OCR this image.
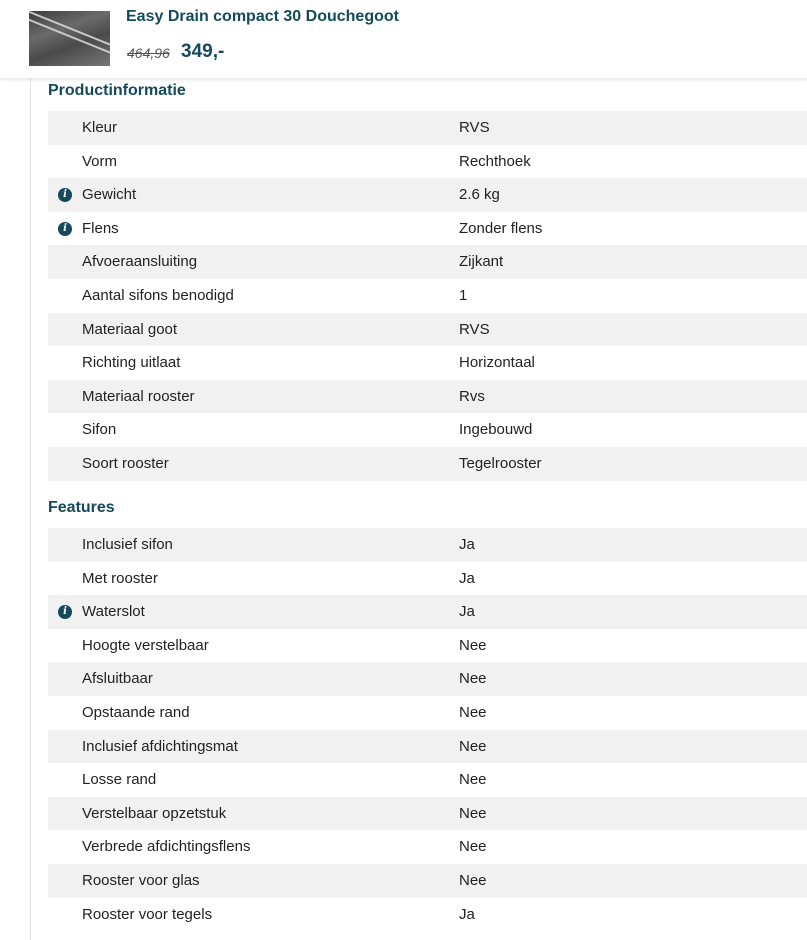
Easy Drain compact 30 Douchegoot
464,96 349,-
Productinformatie
Kleur	RVS
Vorm	Rechthoek
i	Gewicht	2.6 kg
i	Flens	Zonder flens
Afvoeraansluiting	Zijkant
Aantal sifons benodigd	1
Materiaal goot	RVS
Richting uitlaat	Horizontaal
Materiaal rooster	Rvs
Sifon	Ingebouwd
Soort rooster	Tegelrooster
Features
Inclusief sifon	Ja
Met rooster	Ja
i	Waterslot	Ja
Hoogte verstelbaar	Nee
Afsluitbaar	Nee
Opstaande rand	Nee
Inclusief afdichtingsmat	Nee
Losse rand	Nee
Verstelbaar opzetstuk	Nee
Verbrede afdichtingsflens	Nee
Rooster voor glas	Nee
Rooster voor tegels	Ja
